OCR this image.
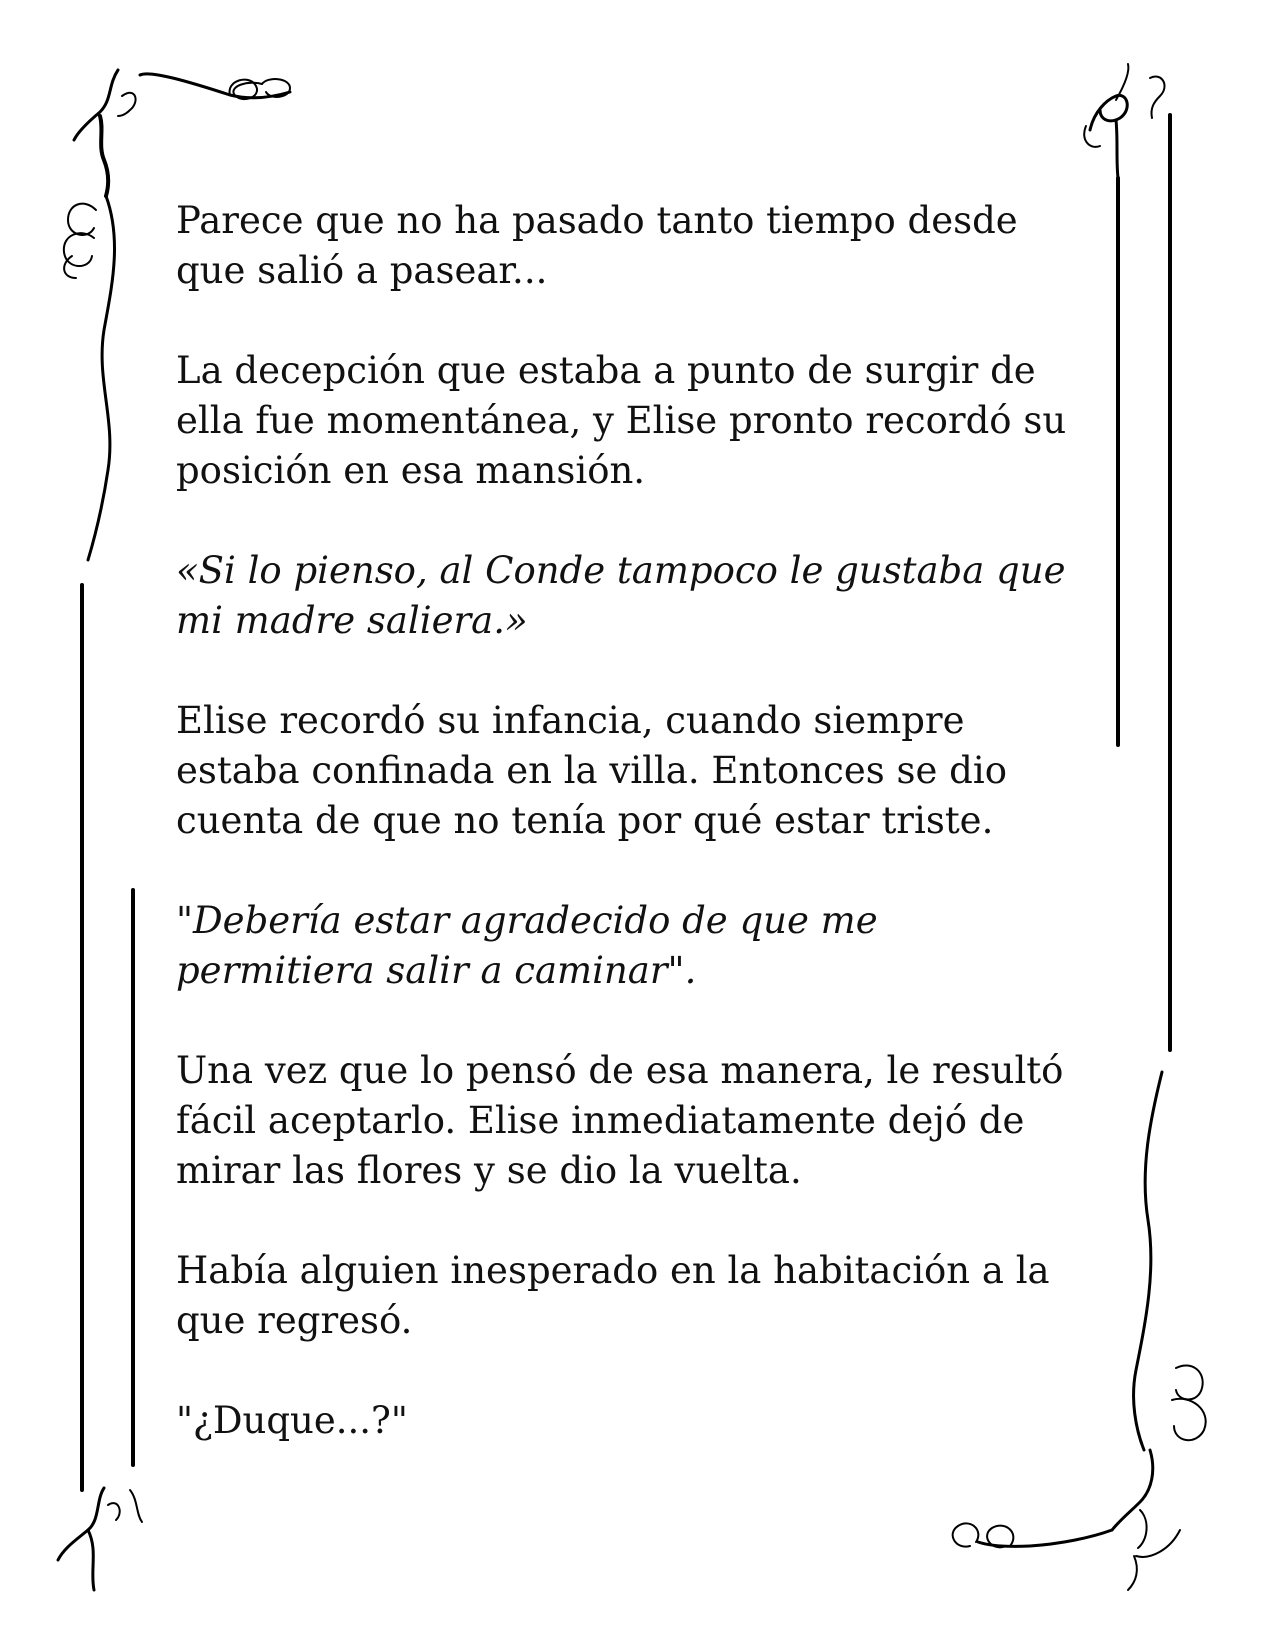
Parece que no ha pasado tanto tiempo desde
que salió a pasear...

La decepción que estaba a punto de surgir de
ella fue momentánea, y Elise pronto recordó su
posición en esa mansión.

«Si lo pienso, al Conde tampoco le gustaba que
mi madre saliera.»

Elise recordó su infancia, cuando siempre
estaba confinada en la villa. Entonces se dio
cuenta de que no tenía por qué estar triste.

"Debería estar agradecido de que me
permitiera salir a caminar".

Una vez que lo pensó de esa manera, le resultó
fácil aceptarlo. Elise inmediatamente dejó de
mirar las flores y se dio la vuelta.

Había alguien inesperado en la habitación a la
que regresó.

"¿Duque...?"
